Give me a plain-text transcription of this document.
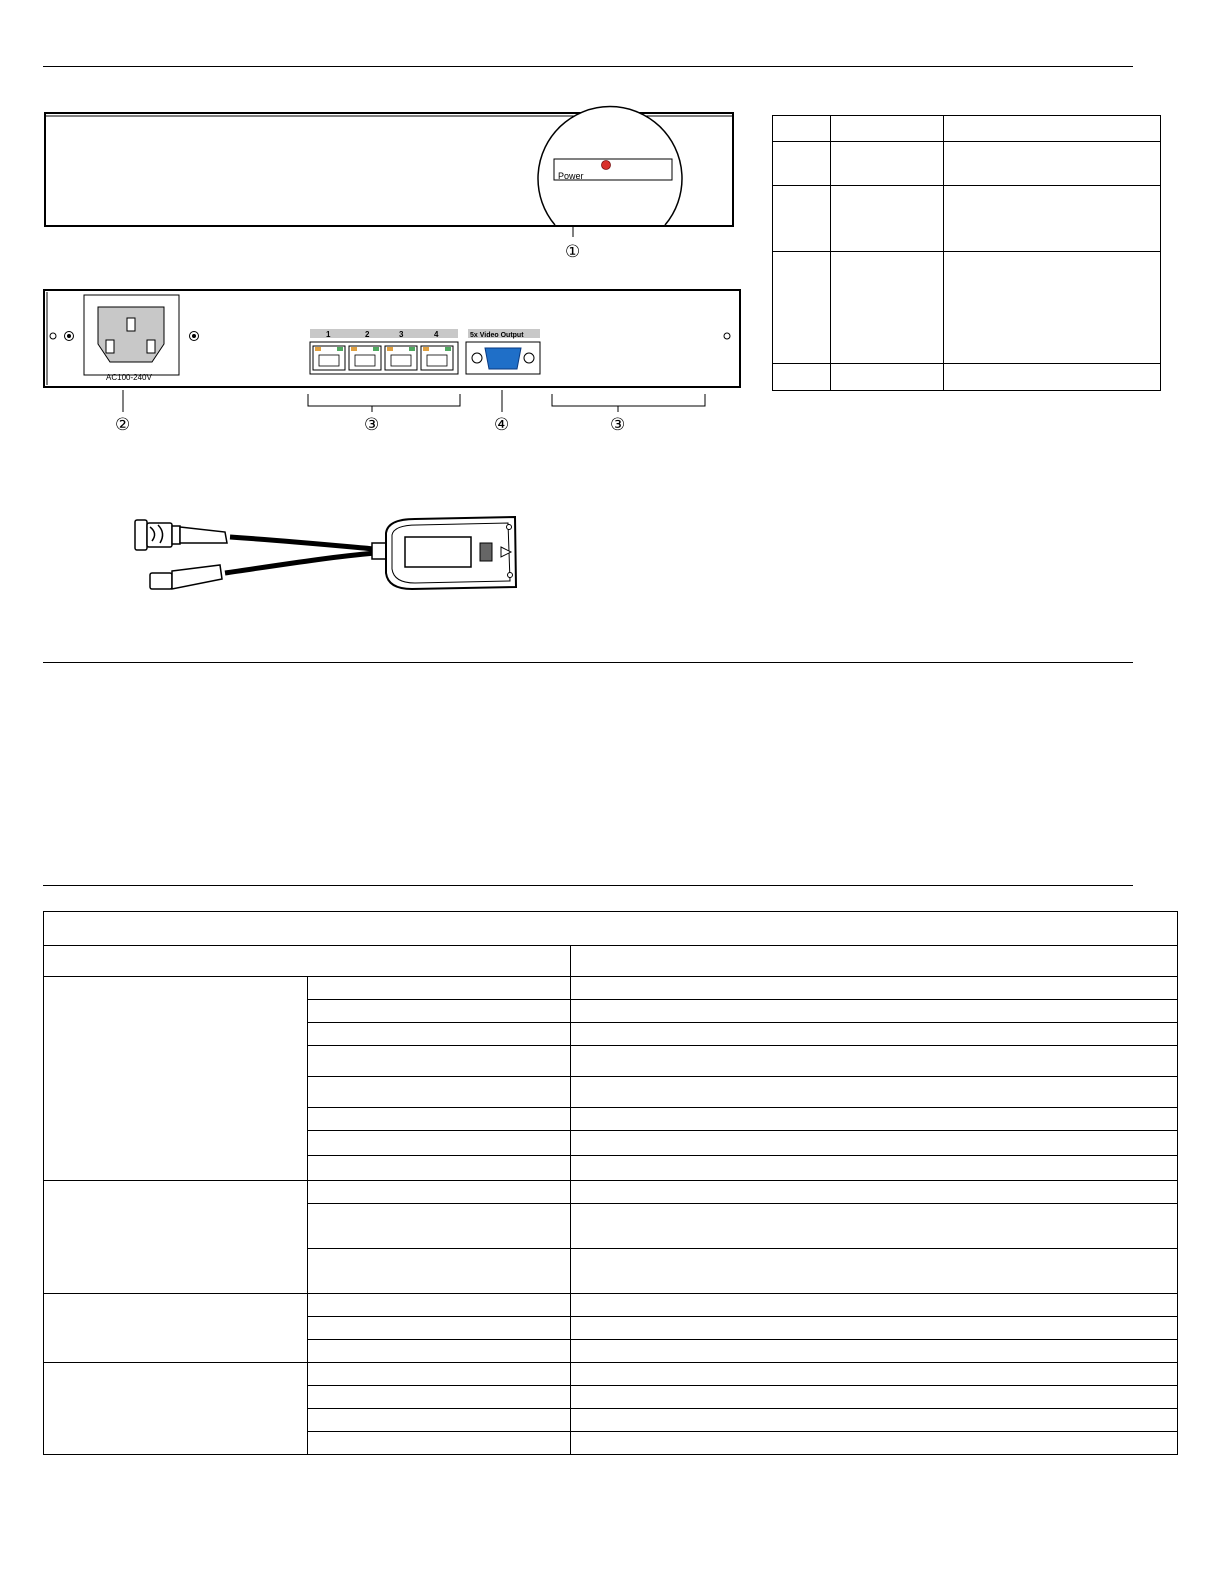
Power
①
AC100-240V
1	2	3	4	5x Video Output
②	③	④	③
